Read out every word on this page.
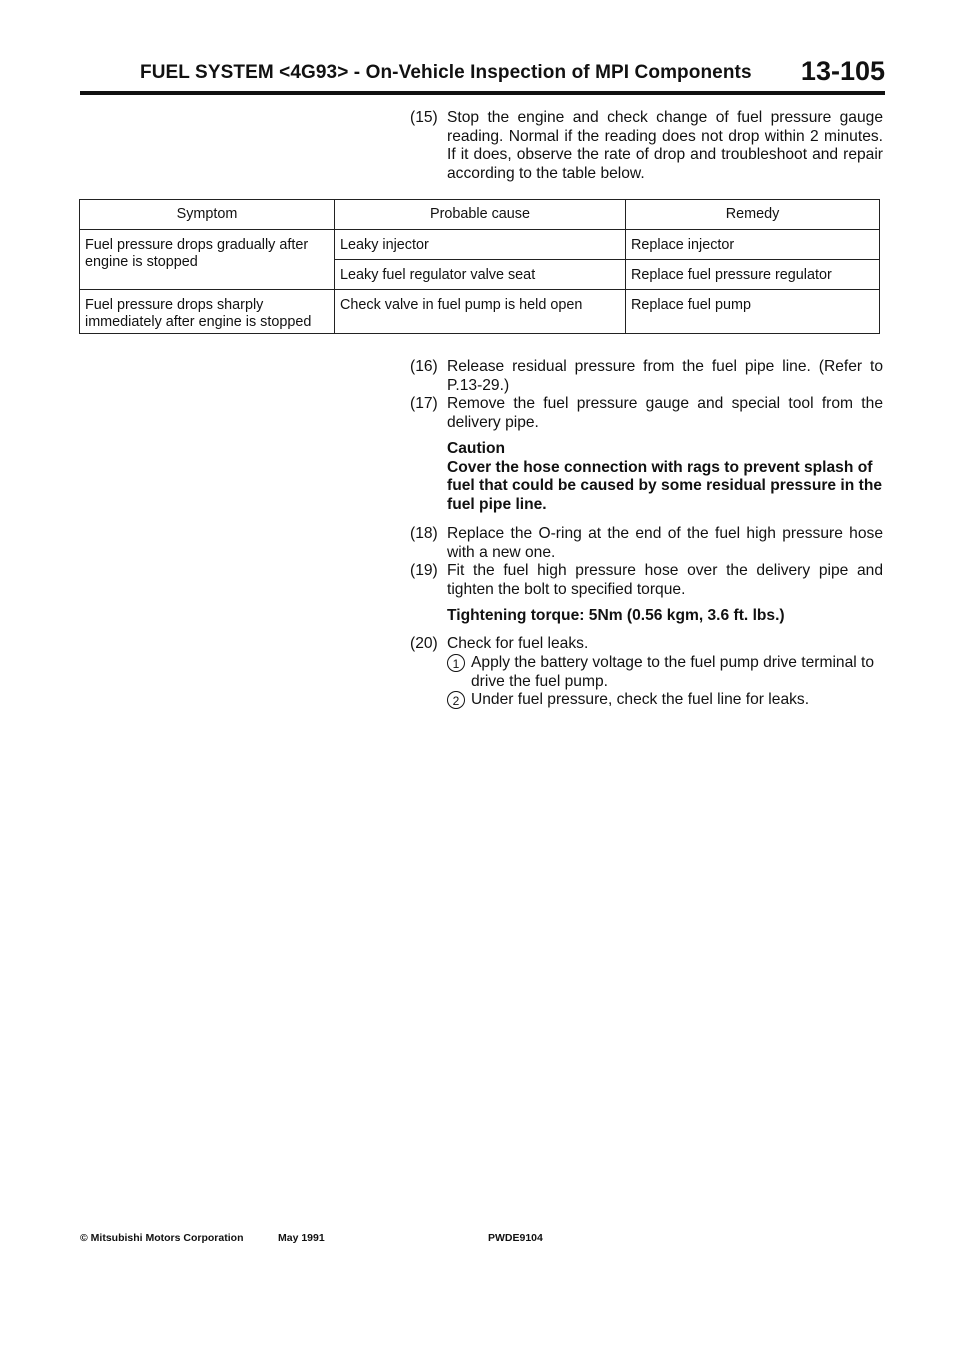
FUEL SYSTEM <4G93> - On-Vehicle Inspection of MPI Components 13-105
(15) Stop the engine and check change of fuel pressure gauge reading. Normal if the reading does not drop within 2 minutes. If it does, observe the rate of drop and troubleshoot and repair according to the table below.
Symptom	Probable cause	Remedy
Fuel pressure drops gradually after engine is stopped	Leaky injector	Replace injector
	Leaky fuel regulator valve seat	Replace fuel pressure regulator
Fuel pressure drops sharply immediately after engine is stopped	Check valve in fuel pump is held open	Replace fuel pump
(16) Release residual pressure from the fuel pipe line. (Refer to P.13-29.)
(17) Remove the fuel pressure gauge and special tool from the delivery pipe.
Caution
Cover the hose connection with rags to prevent splash of fuel that could be caused by some residual pressure in the fuel pipe line.
(18) Replace the O-ring at the end of the fuel high pressure hose with a new one.
(19) Fit the fuel high pressure hose over the delivery pipe and tighten the bolt to specified torque.
Tightening torque: 5Nm (0.56 kgm, 3.6 ft. lbs.)
(20) Check for fuel leaks.
1 Apply the battery voltage to the fuel pump drive terminal to drive the fuel pump.
2 Under fuel pressure, check the fuel line for leaks.
© Mitsubishi Motors Corporation	May 1991	PWDE9104
